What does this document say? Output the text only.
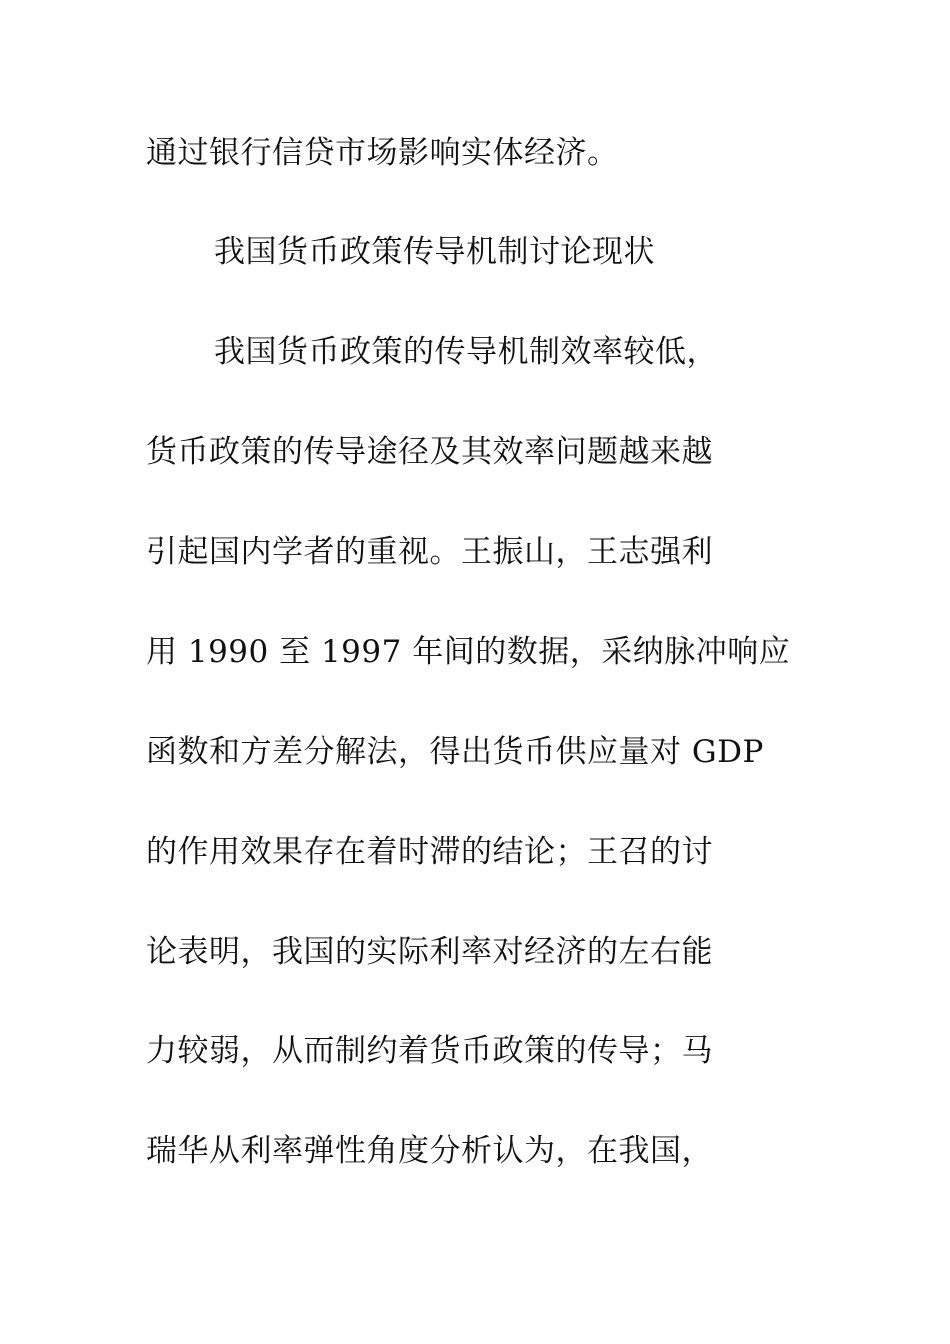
通过银行信贷市场影响实体经济。
我国货币政策传导机制讨论现状
我国货币政策的传导机制效率较低，
货币政策的传导途径及其效率问题越来越
引起国内学者的重视。王振山，王志强利
用 1990 至 1997 年间的数据，采纳脉冲响应
函数和方差分解法，得出货币供应量对 GDP
的作用效果存在着时滞的结论；王召的讨
论表明，我国的实际利率对经济的左右能
力较弱，从而制约着货币政策的传导；马
瑞华从利率弹性角度分析认为，在我国，
